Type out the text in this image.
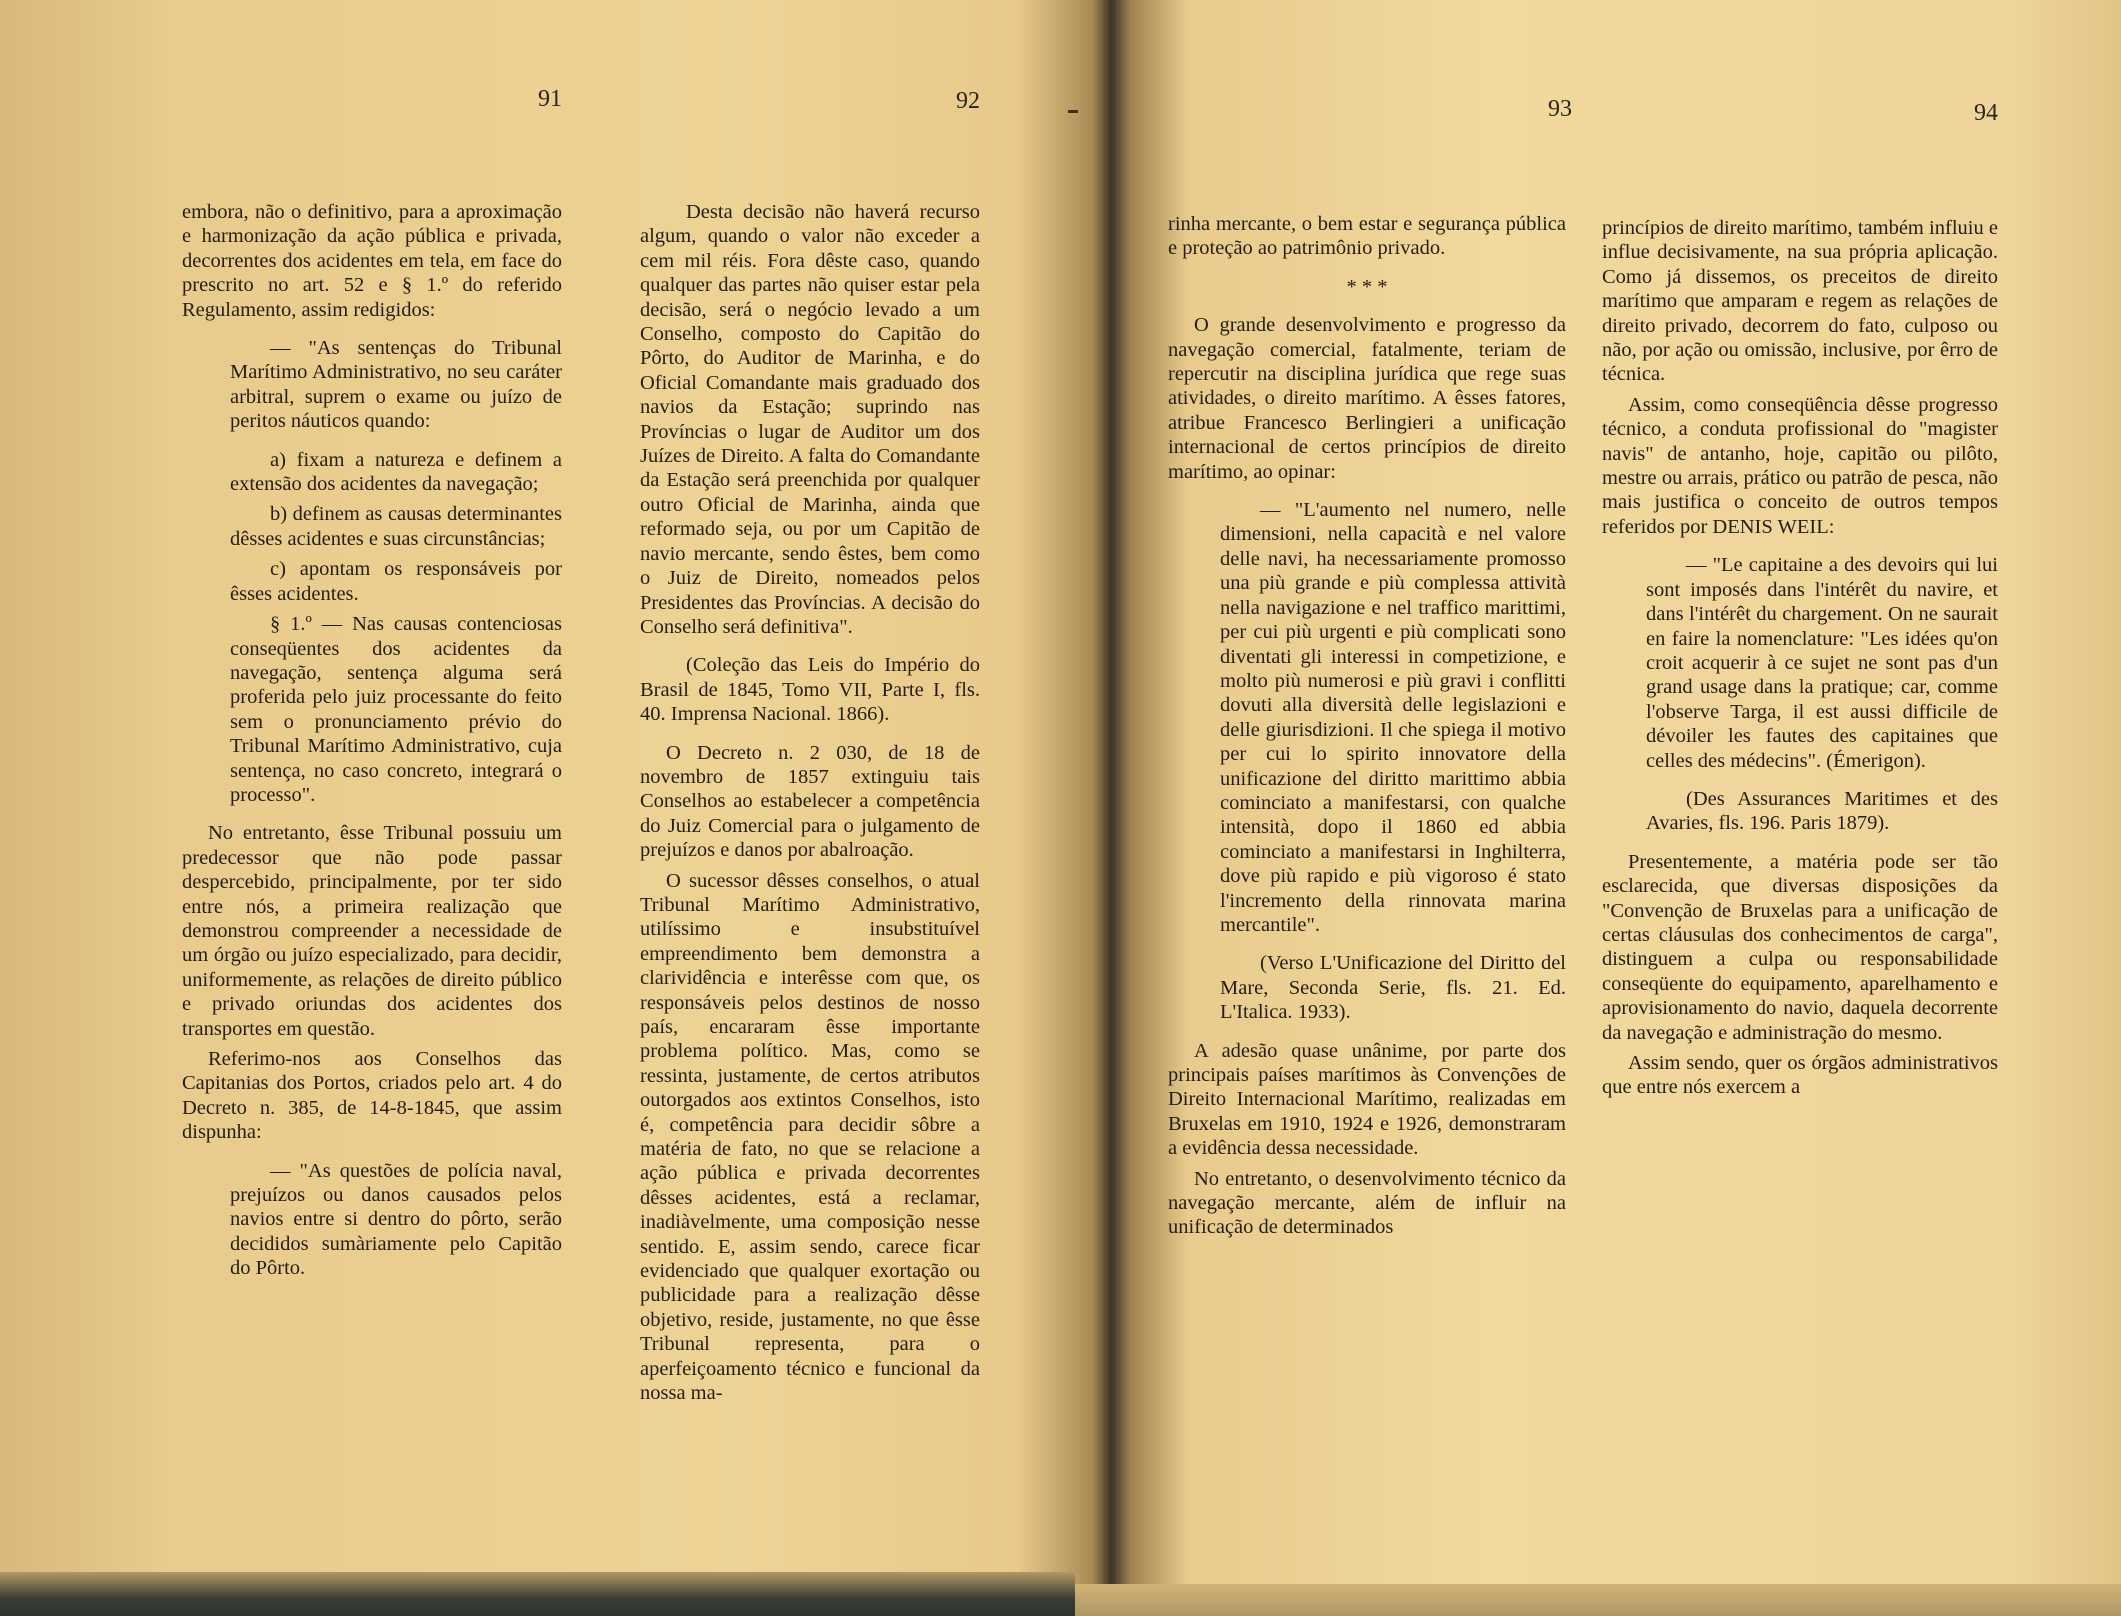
91	92	93	94

embora, não o definitivo, para a aproximação e harmonização da ação pública e privada, decorrentes dos acidentes em tela, em face do prescrito no art. 52 e § 1.º do referido Regulamento, assim redigidos:

— "As sentenças do Tribunal Marítimo Administrativo, no seu caráter arbitral, suprem o exame ou juízo de peritos náuticos quando:

a) fixam a natureza e definem a extensão dos acidentes da navegação;

b) definem as causas determinantes dêsses acidentes e suas circunstâncias;

c) apontam os responsáveis por êsses acidentes.

§ 1.º — Nas causas contenciosas conseqüentes dos acidentes da navegação, sentença alguma será proferida pelo juiz processante do feito sem o pronunciamento prévio do Tribunal Marítimo Administrativo, cuja sentença, no caso concreto, integrará o processo".

No entretanto, êsse Tribunal possuiu um predecessor que não pode passar despercebido, principalmente, por ter sido entre nós, a primeira realização que demonstrou compreender a necessidade de um órgão ou juízo especializado, para decidir, uniformemente, as relações de direito público e privado oriundas dos acidentes dos transportes em questão.

Referimo-nos aos Conselhos das Capitanias dos Portos, criados pelo art. 4 do Decreto n. 385, de 14-8-1845, que assim dispunha:

— "As questões de polícia naval, prejuízos ou danos causados pelos navios entre si dentro do pôrto, serão decididos sumàriamente pelo Capitão do Pôrto.

Desta decisão não haverá recurso algum, quando o valor não exceder a cem mil réis. Fora dêste caso, quando qualquer das partes não quiser estar pela decisão, será o negócio levado a um Conselho, composto do Capitão do Pôrto, do Auditor de Marinha, e do Oficial Comandante mais graduado dos navios da Estação; suprindo nas Províncias o lugar de Auditor um dos Juízes de Direito. A falta do Comandante da Estação será preenchida por qualquer outro Oficial de Marinha, ainda que reformado seja, ou por um Capitão de navio mercante, sendo êstes, bem como o Juiz de Direito, nomeados pelos Presidentes das Províncias. A decisão do Conselho será definitiva".

(Coleção das Leis do Império do Brasil de 1845, Tomo VII, Parte I, fls. 40. Imprensa Nacional. 1866).

O Decreto n. 2 030, de 18 de novembro de 1857 extinguiu tais Conselhos ao estabelecer a competência do Juiz Comercial para o julgamento de prejuízos e danos por abalroação.

O sucessor dêsses conselhos, o atual Tribunal Marítimo Administrativo, utilíssimo e insubstituível empreendimento bem demonstra a clarividência e interêsse com que, os responsáveis pelos destinos de nosso país, encararam êsse importante problema político. Mas, como se ressinta, justamente, de certos atributos outorgados aos extintos Conselhos, isto é, competência para decidir sôbre a matéria de fato, no que se relacione a ação pública e privada decorrentes dêsses acidentes, está a reclamar, inadiàvelmente, uma composição nesse sentido. E, assim sendo, carece ficar evidenciado que qualquer exortação ou publicidade para a realização dêsse objetivo, reside, justamente, no que êsse Tribunal representa, para o aperfeiçoamento técnico e funcional da nossa ma-

rinha mercante, o bem estar e segurança pública e proteção ao patrimônio privado.

* * *

O grande desenvolvimento e progresso da navegação comercial, fatalmente, teriam de repercutir na disciplina jurídica que rege suas atividades, o direito marítimo. A êsses fatores, atribue Francesco Berlingieri a unificação internacional de certos princípios de direito marítimo, ao opinar:

— "L'aumento nel numero, nelle dimensioni, nella capacità e nel valore delle navi, ha necessariamente promosso una più grande e più complessa attività nella navigazione e nel traffico marittimi, per cui più urgenti e più complicati sono diventati gli interessi in competizione, e molto più numerosi e più gravi i conflitti dovuti alla diversità delle legislazioni e delle giurisdizioni. Il che spiega il motivo per cui lo spirito innovatore della unificazione del diritto marittimo abbia cominciato a manifestarsi, con qualche intensità, dopo il 1860 ed abbia cominciato a manifestarsi in Inghilterra, dove più rapido e più vigoroso é stato l'incremento della rinnovata marina mercantile".

(Verso L'Unificazione del Diritto del Mare, Seconda Serie, fls. 21. Ed. L'Italica. 1933).

A adesão quase unânime, por parte dos principais países marítimos às Convenções de Direito Internacional Marítimo, realizadas em Bruxelas em 1910, 1924 e 1926, demonstraram a evidência dessa necessidade.

No entretanto, o desenvolvimento técnico da navegação mercante, além de influir na unificação de determinados

princípios de direito marítimo, também influiu e influe decisivamente, na sua própria aplicação. Como já dissemos, os preceitos de direito marítimo que amparam e regem as relações de direito privado, decorrem do fato, culposo ou não, por ação ou omissão, inclusive, por êrro de técnica.

Assim, como conseqüência dêsse progresso técnico, a conduta profissional do "magister navis" de antanho, hoje, capitão ou pilôto, mestre ou arrais, prático ou patrão de pesca, não mais justifica o conceito de outros tempos referidos por DENIS WEIL:

— "Le capitaine a des devoirs qui lui sont imposés dans l'intérêt du navire, et dans l'intérêt du chargement. On ne saurait en faire la nomenclature: "Les idées qu'on croit acquerir à ce sujet ne sont pas d'un grand usage dans la pratique; car, comme l'observe Targa, il est aussi difficile de dévoiler les fautes des capitaines que celles des médecins". (Émerigon).

(Des Assurances Maritimes et des Avaries, fls. 196. Paris 1879).

Presentemente, a matéria pode ser tão esclarecida, que diversas disposições da "Convenção de Bruxelas para a unificação de certas cláusulas dos conhecimentos de carga", distinguem a culpa ou responsabilidade conseqüente do equipamento, aparelhamento e aprovisionamento do navio, daquela decorrente da navegação e administração do mesmo.

Assim sendo, quer os órgãos administrativos que entre nós exercem a
